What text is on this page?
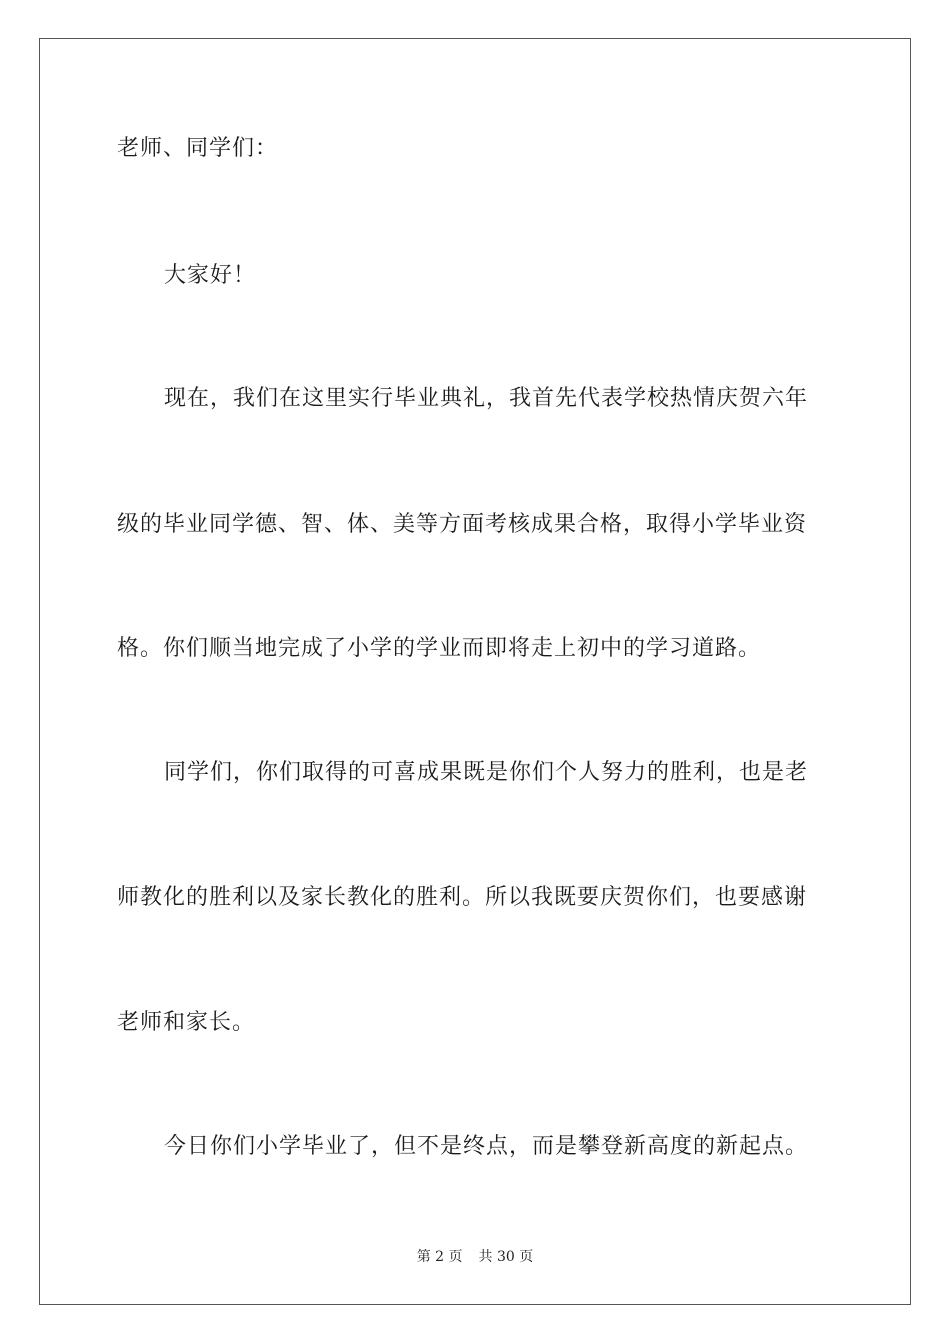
老师、同学们：
大家好！
现在，我们在这里实行毕业典礼，我首先代表学校热情庆贺六年
级的毕业同学德、智、体、美等方面考核成果合格，取得小学毕业资
格。你们顺当地完成了小学的学业而即将走上初中的学习道路。
同学们，你们取得的可喜成果既是你们个人努力的胜利，也是老
师教化的胜利以及家长教化的胜利。所以我既要庆贺你们，也要感谢
老师和家长。
今日你们小学毕业了，但不是终点，而是攀登新高度的新起点。
第 2 页 共 30 页
